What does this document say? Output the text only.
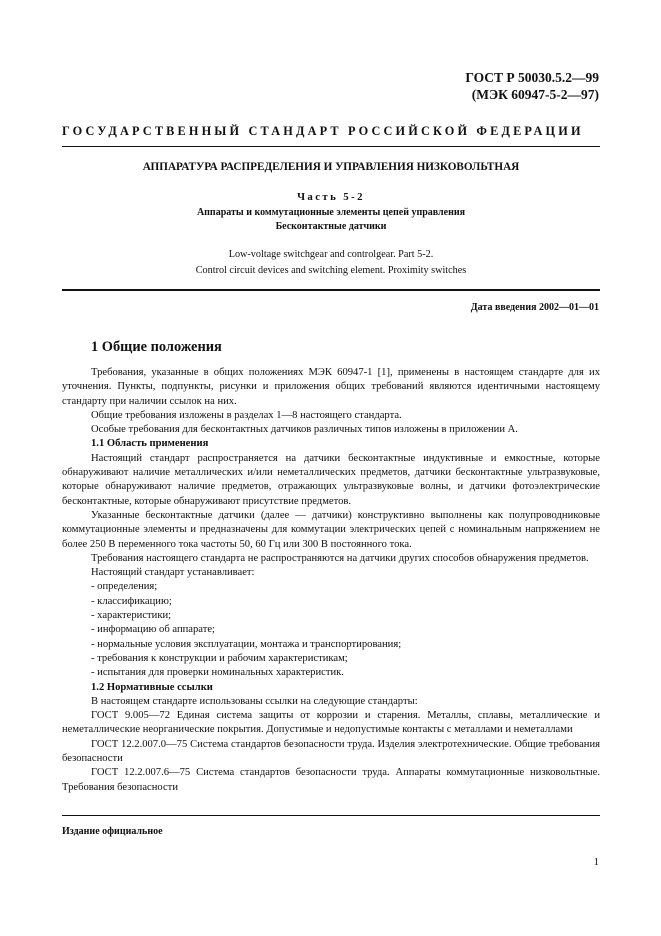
ГОСТ Р 50030.5.2—99
(МЭК 60947-5-2—97)
ГОСУДАРСТВЕННЫЙ СТАНДАРТ РОССИЙСКОЙ ФЕДЕРАЦИИ
АППАРАТУРА РАСПРЕДЕЛЕНИЯ И УПРАВЛЕНИЯ НИЗКОВОЛЬТНАЯ
Часть 5-2
Аппараты и коммутационные элементы цепей управления
Бесконтактные датчики
Low-voltage switchgear and controlgear. Part 5-2.
Control circuit devices and switching element. Proximity switches
Дата введения 2002—01—01
1 Общие положения

Требования, указанные в общих положениях МЭК 60947-1 [1], применены в настоящем стандарте для их уточнения. Пункты, подпункты, рисунки и приложения общих требований являются идентичными настоящему стандарту при наличии ссылок на них.

Общие требования изложены в разделах 1—8 настоящего стандарта.

Особые требования для бесконтактных датчиков различных типов изложены в приложении А.

1.1 Область применения

Настоящий стандарт распространяется на датчики бесконтактные индуктивные и емкостные, которые обнаруживают наличие металлических и/или неметаллических предметов, датчики бесконтактные ультразвуковые, которые обнаруживают наличие предметов, отражающих ультразвуковые волны, и датчики фотоэлектрические бесконтактные, которые обнаруживают присутствие предметов.

Указанные бесконтактные датчики (далее — датчики) конструктивно выполнены как полупроводниковые коммутационные элементы и предназначены для коммутации электрических цепей с номинальным напряжением не более 250 В переменного тока частоты 50, 60 Гц или 300 В постоянного тока.

Требования настоящего стандарта не распространяются на датчики других способов обнаружения предметов.

Настоящий стандарт устанавливает:

- определения;

- классификацию;

- характеристики;

- информацию об аппарате;

- нормальные условия эксплуатации, монтажа и транспортирования;

- требования к конструкции и рабочим характеристикам;

- испытания для проверки номинальных характеристик.

1.2 Нормативные ссылки

В настоящем стандарте использованы ссылки на следующие стандарты:

ГОСТ 9.005—72 Единая система защиты от коррозии и старения. Металлы, сплавы, металлические и неметаллические неорганические покрытия. Допустимые и недопустимые контакты с металлами и неметаллами

ГОСТ 12.2.007.0—75 Система стандартов безопасности труда. Изделия электротехнические. Общие требования безопасности

ГОСТ 12.2.007.6—75 Система стандартов безопасности труда. Аппараты коммутационные низковольтные. Требования безопасности

Издание официальное
1
